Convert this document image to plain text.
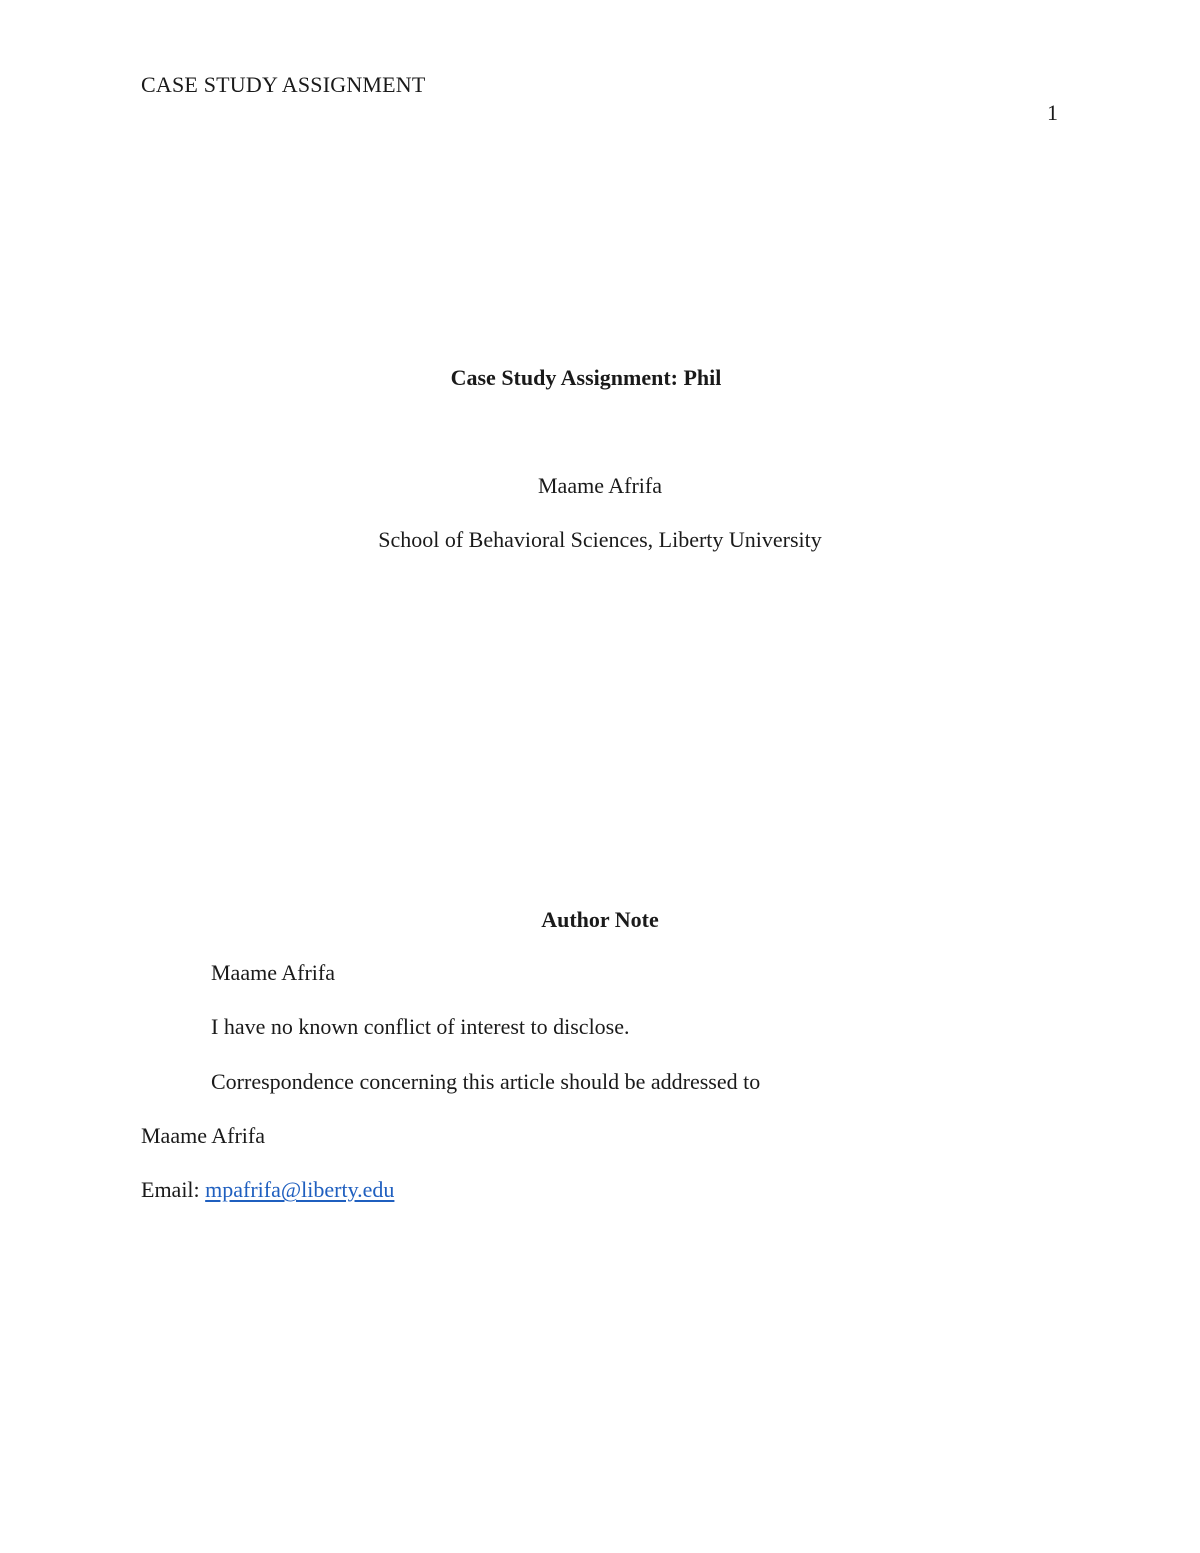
CASE STUDY ASSIGNMENT
1
Case Study Assignment: Phil
Maame Afrifa
School of Behavioral Sciences, Liberty University
Author Note
Maame Afrifa
I have no known conflict of interest to disclose.
Correspondence concerning this article should be addressed to
Maame Afrifa
Email: mpafrifa@liberty.edu
